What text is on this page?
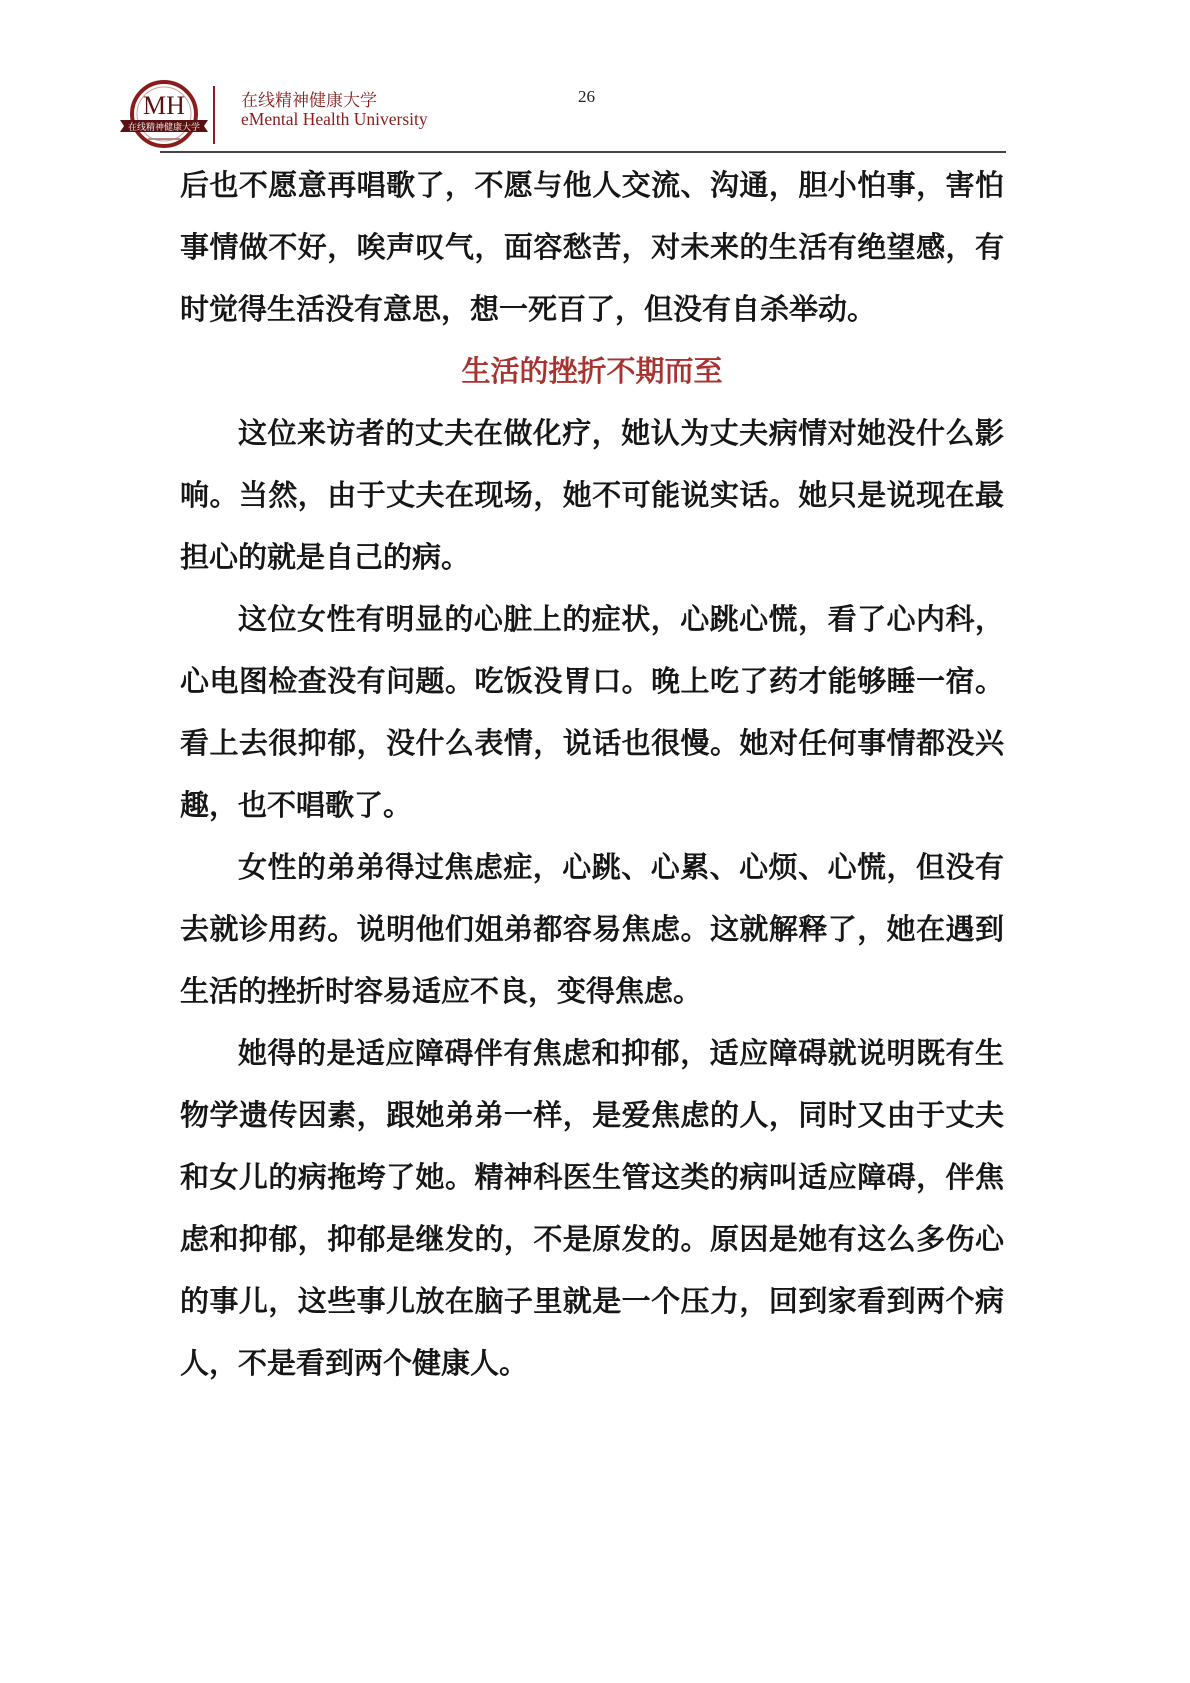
MH
在线精神健康大学
在线精神健康大学
eMental Health University
26

后也不愿意再唱歌了，不愿与他人交流、沟通，胆小怕事，害怕事情做不好，唉声叹气，面容愁苦，对未来的生活有绝望感，有时觉得生活没有意思，想一死百了，但没有自杀举动。

生活的挫折不期而至

这位来访者的丈夫在做化疗，她认为丈夫病情对她没什么影响。当然，由于丈夫在现场，她不可能说实话。她只是说现在最担心的就是自己的病。

这位女性有明显的心脏上的症状，心跳心慌，看了心内科，心电图检查没有问题。吃饭没胃口。晚上吃了药才能够睡一宿。看上去很抑郁，没什么表情，说话也很慢。她对任何事情都没兴趣，也不唱歌了。

女性的弟弟得过焦虑症，心跳、心累、心烦、心慌，但没有去就诊用药。说明他们姐弟都容易焦虑。这就解释了，她在遇到生活的挫折时容易适应不良，变得焦虑。

她得的是适应障碍伴有焦虑和抑郁，适应障碍就说明既有生物学遗传因素，跟她弟弟一样，是爱焦虑的人，同时又由于丈夫和女儿的病拖垮了她。精神科医生管这类的病叫适应障碍，伴焦虑和抑郁，抑郁是继发的，不是原发的。原因是她有这么多伤心的事儿，这些事儿放在脑子里就是一个压力，回到家看到两个病人，不是看到两个健康人。
